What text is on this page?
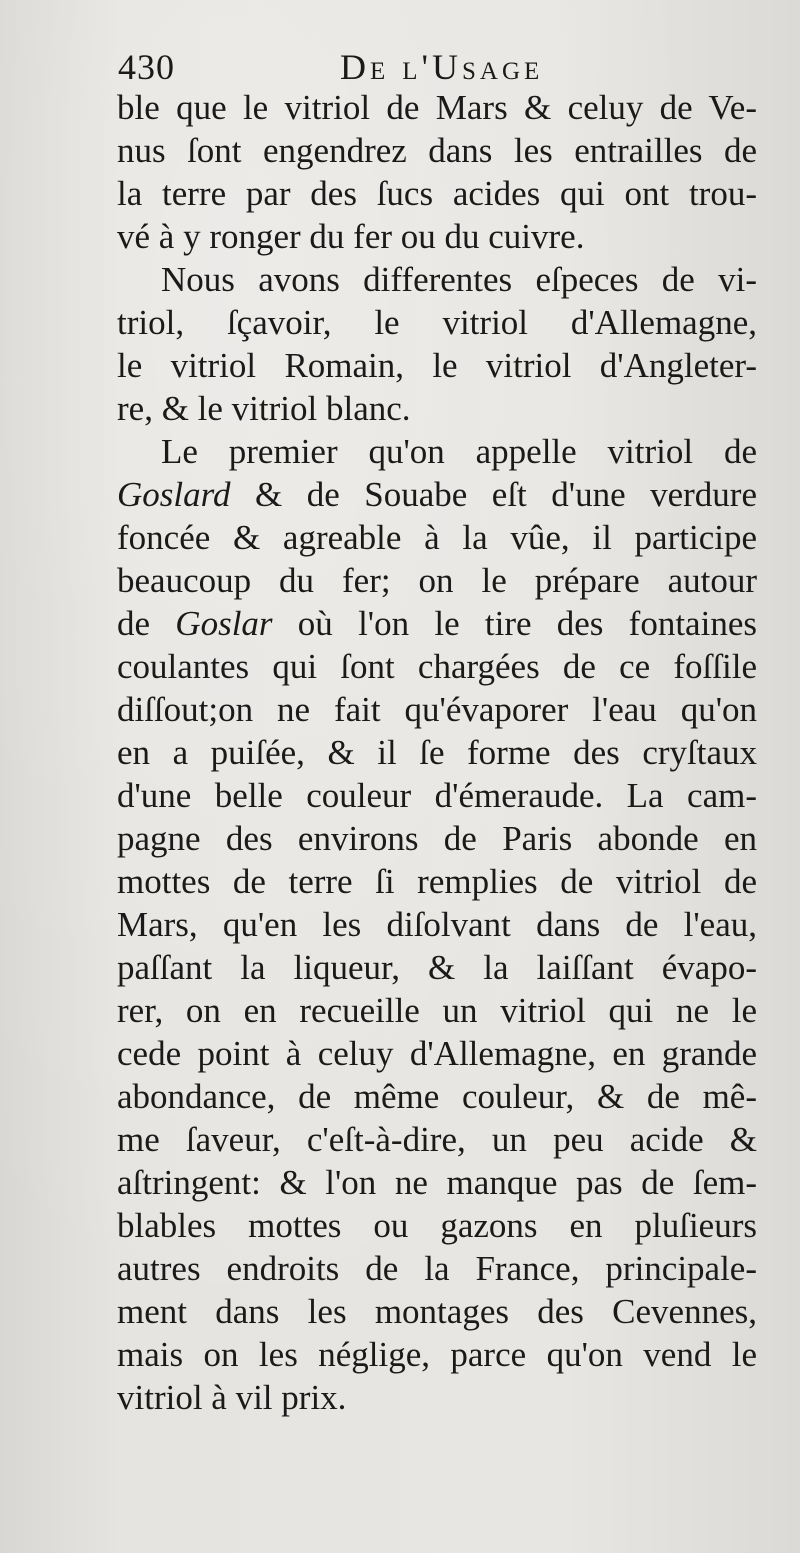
430	De l'Usage
ble que le vitriol de Mars & celuy de Ve-
nus ſont engendrez dans les entrailles de
la terre par des ſucs acides qui ont trou-
vé à y ronger du fer ou du cuivre.
Nous avons differentes eſpeces de vi-
triol, ſçavoir, le vitriol d'Allemagne,
le vitriol Romain, le vitriol d'Angleter-
re, & le vitriol blanc.
Le premier qu'on appelle vitriol de
Goslard & de Souabe eſt d'une verdure
foncée & agreable à la vûe, il participe
beaucoup du fer; on le prépare autour
de Goslar où l'on le tire des fontaines
coulantes qui ſont chargées de ce foſſile
diſſout;on ne fait qu'évaporer l'eau qu'on
en a puiſée, & il ſe forme des cryſtaux
d'une belle couleur d'émeraude. La cam-
pagne des environs de Paris abonde en
mottes de terre ſi remplies de vitriol de
Mars, qu'en les diſolvant dans de l'eau,
paſſant la liqueur, & la laiſſant évapo-
rer, on en recueille un vitriol qui ne le
cede point à celuy d'Allemagne, en grande
abondance, de même couleur, & de mê-
me ſaveur, c'eſt-à-dire, un peu acide &
aſtringent: & l'on ne manque pas de ſem-
blables mottes ou gazons en pluſieurs
autres endroits de la France, principale-
ment dans les montages des Cevennes,
mais on les néglige, parce qu'on vend le
vitriol à vil prix.
